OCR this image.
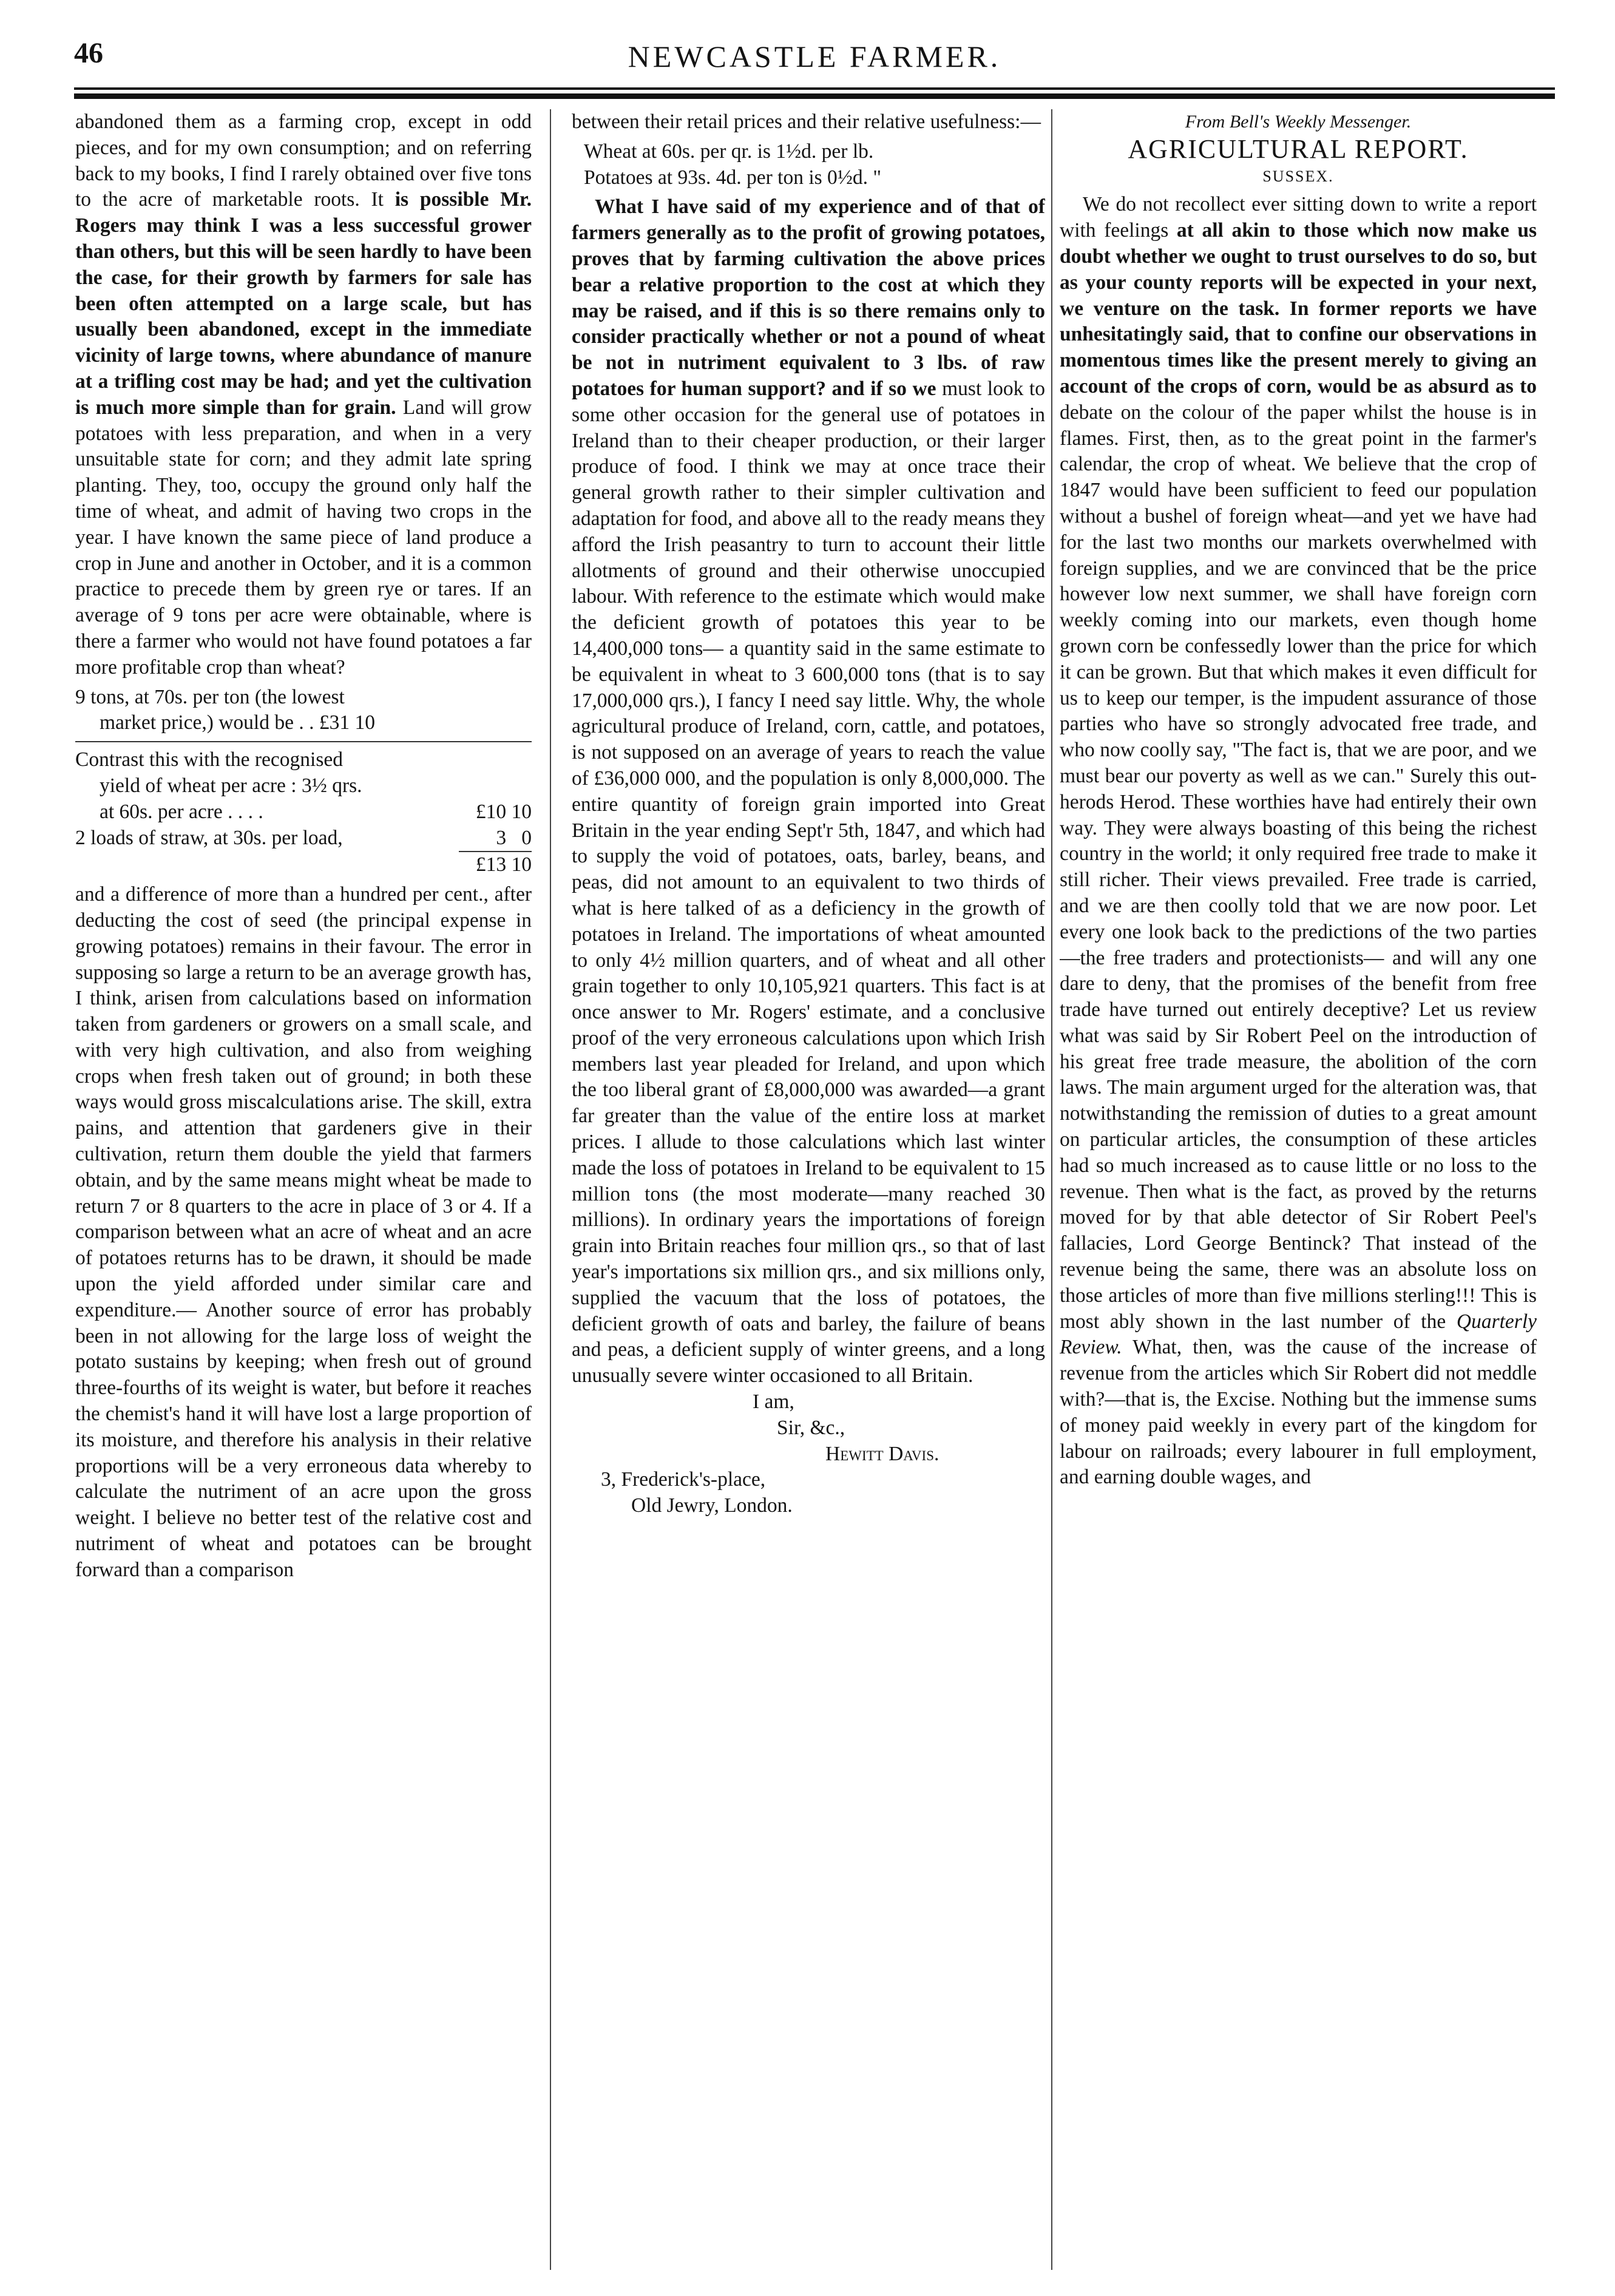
46	NEWCASTLE FARMER.

abandoned them as a farming crop, except in odd pieces, and for my own consumption; and on referring back to my books, I find I rarely obtained over five tons to the acre of marketable roots. It is possible Mr. Rogers may think I was a less successful grower than others, but this will be seen hardly to have been the case, for their growth by farmers for sale has been often attempted on a large scale, but has usually been abandoned, except in the immediate vicinity of large towns, where abundance of manure at a trifling cost may be had; and yet the cultivation is much more simple than for grain. Land will grow potatoes with less preparation, and when in a very unsuitable state for corn; and they admit late spring planting. They, too, occupy the ground only half the time of wheat, and admit of having two crops in the year. I have known the same piece of land produce a crop in June and another in October, and it is a common practice to precede them by green rye or tares. If an average of 9 tons per acre were obtainable, where is there a farmer who would not have found potatoes a far more profitable crop than wheat?

9 tons, at 70s. per ton (the lowest
market price,) would be . . £31 10
Contrast this with the recognised
yield of wheat per acre : 3½ qrs.
at 60s. per acre . . . .	£10 10
2 loads of straw, at 30s. per load,	3   0
£13 10

and a difference of more than a hundred per cent., after deducting the cost of seed (the principal expense in growing potatoes) remains in their favour. The error in supposing so large a return to be an average growth has, I think, arisen from calculations based on information taken from gardeners or growers on a small scale, and with very high cultivation, and also from weighing crops when fresh taken out of ground; in both these ways would gross miscalculations arise. The skill, extra pains, and attention that gardeners give in their cultivation, return them double the yield that farmers obtain, and by the same means might wheat be made to return 7 or 8 quarters to the acre in place of 3 or 4. If a comparison between what an acre of wheat and an acre of potatoes returns has to be drawn, it should be made upon the yield afforded under similar care and expenditure.— Another source of error has probably been in not allowing for the large loss of weight the potato sustains by keeping; when fresh out of ground three-fourths of its weight is water, but before it reaches the chemist's hand it will have lost a large proportion of its moisture, and therefore his analysis in their relative proportions will be a very erroneous data whereby to calculate the nutriment of an acre upon the gross weight. I believe no better test of the relative cost and nutriment of wheat and potatoes can be brought forward than a comparison

between their retail prices and their relative usefulness:—

Wheat at 60s. per qr. is 1½d. per lb.
Potatoes at 93s. 4d. per ton is 0½d. "

What I have said of my experience and of that of farmers generally as to the profit of growing potatoes, proves that by farming cultivation the above prices bear a relative proportion to the cost at which they may be raised, and if this is so there remains only to consider practically whether or not a pound of wheat be not in nutriment equivalent to 3 lbs. of raw potatoes for human support? and if so we must look to some other occasion for the general use of potatoes in Ireland than to their cheaper production, or their larger produce of food. I think we may at once trace their general growth rather to their simpler cultivation and adaptation for food, and above all to the ready means they afford the Irish peasantry to turn to account their little allotments of ground and their otherwise unoccupied labour. With reference to the estimate which would make the deficient growth of potatoes this year to be 14,400,000 tons— a quantity said in the same estimate to be equivalent in wheat to 3 600,000 tons (that is to say 17,000,000 qrs.), I fancy I need say little. Why, the whole agricultural produce of Ireland, corn, cattle, and potatoes, is not supposed on an average of years to reach the value of £36,000 000, and the population is only 8,000,000. The entire quantity of foreign grain imported into Great Britain in the year ending Sept'r 5th, 1847, and which had to supply the void of potatoes, oats, barley, beans, and peas, did not amount to an equivalent to two thirds of what is here talked of as a deficiency in the growth of potatoes in Ireland. The importations of wheat amounted to only 4½ million quarters, and of wheat and all other grain together to only 10,105,921 quarters. This fact is at once answer to Mr. Rogers' estimate, and a conclusive proof of the very erroneous calculations upon which Irish members last year pleaded for Ireland, and upon which the too liberal grant of £8,000,000 was awarded—a grant far greater than the value of the entire loss at market prices. I allude to those calculations which last winter made the loss of potatoes in Ireland to be equivalent to 15 million tons (the most moderate—many reached 30 millions). In ordinary years the importations of foreign grain into Britain reaches four million qrs., so that of last year's importations six million qrs., and six millions only, supplied the vacuum that the loss of potatoes, the deficient growth of oats and barley, the failure of beans and peas, a deficient supply of winter greens, and a long unusually severe winter occasioned to all Britain.

I am,

Sir, &c.,

Hewitt Davis.

3, Frederick's-place,

Old Jewry, London.

From Bell's Weekly Messenger.
AGRICULTURAL REPORT.
SUSSEX.

We do not recollect ever sitting down to write a report with feelings at all akin to those which now make us doubt whether we ought to trust ourselves to do so, but as your county reports will be expected in your next, we venture on the task. In former reports we have unhesitatingly said, that to confine our observations in momentous times like the present merely to giving an account of the crops of corn, would be as absurd as to debate on the colour of the paper whilst the house is in flames. First, then, as to the great point in the farmer's calendar, the crop of wheat. We believe that the crop of 1847 would have been sufficient to feed our population without a bushel of foreign wheat—and yet we have had for the last two months our markets overwhelmed with foreign supplies, and we are convinced that be the price however low next summer, we shall have foreign corn weekly coming into our markets, even though home grown corn be confessedly lower than the price for which it can be grown. But that which makes it even difficult for us to keep our temper, is the impudent assurance of those parties who have so strongly advocated free trade, and who now coolly say, "The fact is, that we are poor, and we must bear our poverty as well as we can." Surely this out-herods Herod. These worthies have had entirely their own way. They were always boasting of this being the richest country in the world; it only required free trade to make it still richer. Their views prevailed. Free trade is carried, and we are then coolly told that we are now poor. Let every one look back to the predictions of the two parties —the free traders and protectionists— and will any one dare to deny, that the promises of the benefit from free trade have turned out entirely deceptive? Let us review what was said by Sir Robert Peel on the introduction of his great free trade measure, the abolition of the corn laws. The main argument urged for the alteration was, that notwithstanding the remission of duties to a great amount on particular articles, the consumption of these articles had so much increased as to cause little or no loss to the revenue. Then what is the fact, as proved by the returns moved for by that able detector of Sir Robert Peel's fallacies, Lord George Bentinck? That instead of the revenue being the same, there was an absolute loss on those articles of more than five millions sterling!!! This is most ably shown in the last number of the Quarterly Review. What, then, was the cause of the increase of revenue from the articles which Sir Robert did not meddle with?—that is, the Excise. Nothing but the immense sums of money paid weekly in every part of the kingdom for labour on railroads; every labourer in full employment, and earning double wages, and
